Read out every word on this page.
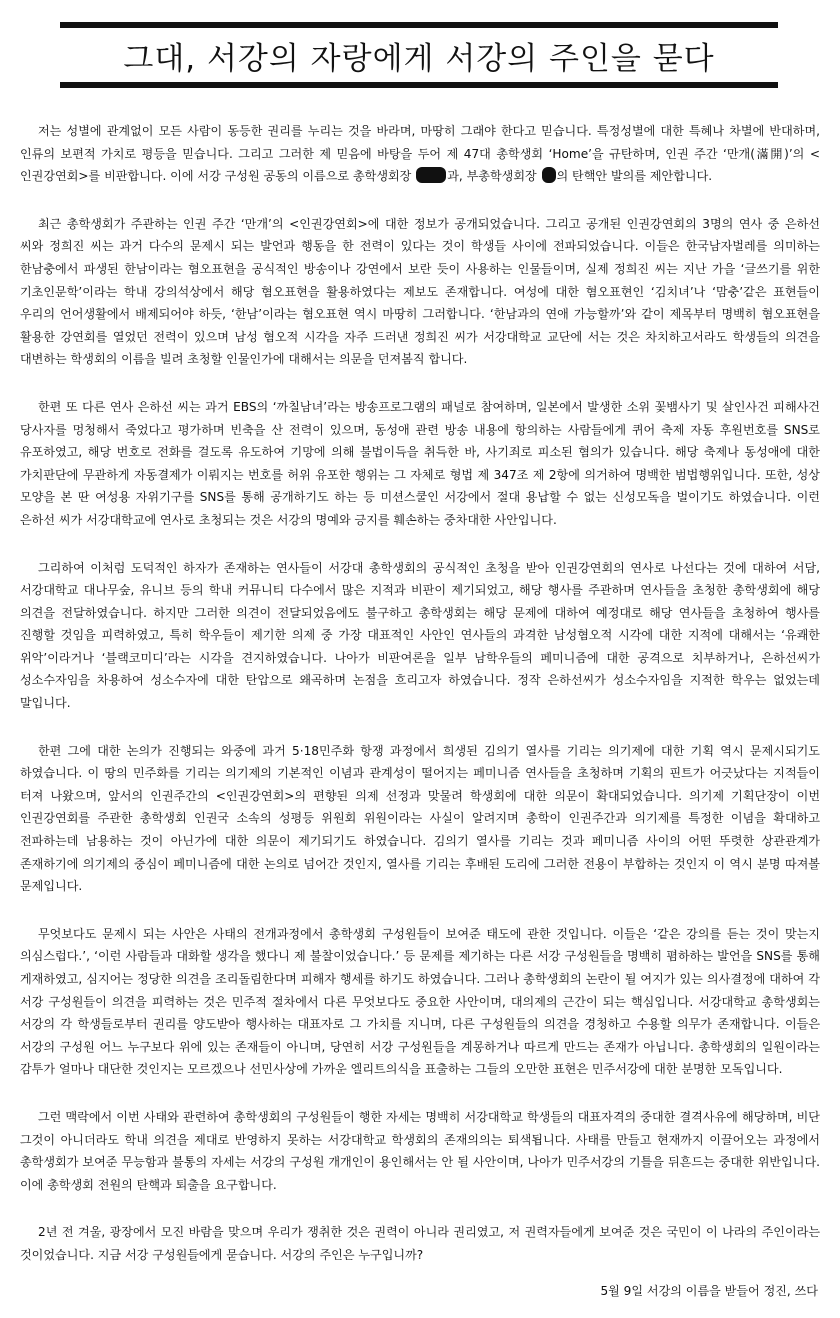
그대, 서강의 자랑에게 서강의 주인을 묻다

저는 성별에 관계없이 모든 사람이 동등한 권리를 누리는 것을 바라며, 마땅히 그래야 한다고 믿습니다. 특정성별에 대한 특혜나 차별에 반대하며, 인류의 보편적 가치로 평등을 믿습니다. 그리고 그러한 제 믿음에 바탕을 두어 제 47대 총학생회 ‘Home’을 규탄하며, 인권 주간 ‘만개(滿開)’의 <인권강연회>를 비판합니다. 이에 서강 구성원 공동의 이름으로 총학생회장	과, 부총학생회장 의 탄핵안 발의를 제안합니다.

최근 총학생회가 주관하는 인권 주간 ‘만개’의 <인권강연회>에 대한 정보가 공개되었습니다. 그리고 공개된 인권강연회의 3명의 연사 중 은하선 씨와 정희진 씨는 과거 다수의 문제시 되는 발언과 행동을 한 전력이 있다는 것이 학생들 사이에 전파되었습니다. 이들은 한국남자벌레를 의미하는 한남충에서 파생된 한남이라는 혐오표현을 공식적인 방송이나 강연에서 보란 듯이 사용하는 인물들이며, 실제 정희진 씨는 지난 가을 ‘글쓰기를 위한 기초인문학’이라는 학내 강의석상에서 해당 혐오표현을 활용하였다는 제보도 존재합니다. 여성에 대한 혐오표현인 ‘김치녀’나 ‘맘충’같은 표현들이 우리의 언어생활에서 배제되어야 하듯, ‘한남’이라는 혐오표현 역시 마땅히 그러합니다. ‘한남과의 연애 가능할까’와 같이 제목부터 명백히 혐오표현을 활용한 강연회를 열었던 전력이 있으며 남성 혐오적 시각을 자주 드러낸 정희진 씨가 서강대학교 교단에 서는 것은 차치하고서라도 학생들의 의견을 대변하는 학생회의 이름을 빌려 초청할 인물인가에 대해서는 의문을 던져봄직 합니다.

한편 또 다른 연사 은하선 씨는 과거 EBS의 ‘까칠남녀’라는 방송프로그램의 패널로 참여하며, 일본에서 발생한 소위 꽃뱀사기 및 살인사건 피해사건 당사자를 멍청해서 죽었다고 평가하며 빈축을 산 전력이 있으며, 동성애 관련 방송 내용에 항의하는 사람들에게 퀴어 축제 자동 후원번호를 SNS로 유포하였고, 해당 번호로 전화를 걸도록 유도하여 기망에 의해 불법이득을 취득한 바, 사기죄로 피소된 혐의가 있습니다. 해당 축제나 동성애에 대한 가치판단에 무관하게 자동결제가 이뤄지는 번호를 허위 유포한 행위는 그 자체로 형법 제 347조 제 2항에 의거하여 명백한 범법행위입니다. 또한, 성상 모양을 본 딴 여성용 자위기구를 SNS를 통해 공개하기도 하는 등 미션스쿨인 서강에서 절대 용납할 수 없는 신성모독을 벌이기도 하였습니다. 이런 은하선 씨가 서강대학교에 연사로 초청되는 것은 서강의 명예와 긍지를 훼손하는 중차대한 사안입니다.

그리하여 이처럼 도덕적인 하자가 존재하는 연사들이 서강대 총학생회의 공식적인 초청을 받아 인권강연회의 연사로 나선다는 것에 대하여 서담, 서강대학교 대나무숲, 유니브 등의 학내 커뮤니티 다수에서 많은 지적과 비판이 제기되었고, 해당 행사를 주관하며 연사들을 초청한 총학생회에 해당 의견을 전달하였습니다. 하지만 그러한 의견이 전달되었음에도 불구하고 총학생회는 해당 문제에 대하여 예정대로 해당 연사들을 초청하여 행사를 진행할 것임을 피력하였고, 특히 학우들이 제기한 의제 중 가장 대표적인 사안인 연사들의 과격한 남성혐오적 시각에 대한 지적에 대해서는 ‘유쾌한 위악’이라거나 ‘블랙코미디’라는 시각을 견지하였습니다. 나아가 비판여론을 일부 남학우들의 페미니즘에 대한 공격으로 치부하거나, 은하선씨가 성소수자임을 차용하여 성소수자에 대한 탄압으로 왜곡하며 논점을 흐리고자 하였습니다. 정작 은하선씨가 성소수자임을 지적한 학우는 없었는데 말입니다.

한편 그에 대한 논의가 진행되는 와중에 과거 5·18민주화 항쟁 과정에서 희생된 김의기 열사를 기리는 의기제에 대한 기획 역시 문제시되기도 하였습니다. 이 땅의 민주화를 기리는 의기제의 기본적인 이념과 관계성이 떨어지는 페미니즘 연사들을 초청하며 기획의 핀트가 어긋났다는 지적들이 터져 나왔으며, 앞서의 인권주간의 <인권강연회>의 편향된 의제 선정과 맞물려 학생회에 대한 의문이 확대되었습니다. 의기제 기획단장이 이번 인권강연회를 주관한 총학생회 인권국 소속의 성평등 위원회 위원이라는 사실이 알려지며 총학이 인권주간과 의기제를 특정한 이념을 확대하고 전파하는데 남용하는 것이 아닌가에 대한 의문이 제기되기도 하였습니다. 김의기 열사를 기리는 것과 페미니즘 사이의 어떤 뚜렷한 상관관계가 존재하기에 의기제의 중심이 페미니즘에 대한 논의로 넘어간 것인지, 열사를 기리는 후배된 도리에 그러한 전용이 부합하는 것인지 이 역시 분명 따져볼 문제입니다.

무엇보다도 문제시 되는 사안은 사태의 전개과정에서 총학생회 구성원들이 보여준 태도에 관한 것입니다. 이들은 ‘같은 강의를 듣는 것이 맞는지 의심스럽다.’, ‘이런 사람들과 대화할 생각을 했다니 제 불찰이었습니다.’ 등 문제를 제기하는 다른 서강 구성원들을 명백히 폄하하는 발언을 SNS를 통해 게재하였고, 심지어는 정당한 의견을 조리돌림한다며 피해자 행세를 하기도 하였습니다. 그러나 총학생회의 논란이 될 여지가 있는 의사결정에 대하여 각 서강 구성원들이 의견을 피력하는 것은 민주적 절차에서 다른 무엇보다도 중요한 사안이며, 대의제의 근간이 되는 핵심입니다. 서강대학교 총학생회는 서강의 각 학생들로부터 권리를 양도받아 행사하는 대표자로 그 가치를 지니며, 다른 구성원들의 의견을 경청하고 수용할 의무가 존재합니다. 이들은 서강의 구성원 어느 누구보다 위에 있는 존재들이 아니며, 당연히 서강 구성원들을 계몽하거나 따르게 만드는 존재가 아닙니다. 총학생회의 일원이라는 감투가 얼마나 대단한 것인지는 모르겠으나 선민사상에 가까운 엘리트의식을 표출하는 그들의 오만한 표현은 민주서강에 대한 분명한 모독입니다.

그런 맥락에서 이번 사태와 관련하여 총학생회의 구성원들이 행한 자세는 명백히 서강대학교 학생들의 대표자격의 중대한 결격사유에 해당하며, 비단 그것이 아니더라도 학내 의견을 제대로 반영하지 못하는 서강대학교 학생회의 존재의의는 퇴색됩니다. 사태를 만들고 현재까지 이끌어오는 과정에서 총학생회가 보여준 무능함과 불통의 자세는 서강의 구성원 개개인이 용인해서는 안 될 사안이며, 나아가 민주서강의 기틀을 뒤흔드는 중대한 위반입니다. 이에 총학생회 전원의 탄핵과 퇴출을 요구합니다.

2년 전 겨울, 광장에서 모진 바람을 맞으며 우리가 쟁취한 것은 권력이 아니라 권리였고, 저 권력자들에게 보여준 것은 국민이 이 나라의 주인이라는 것이었습니다. 지금 서강 구성원들에게 묻습니다. 서강의 주인은 누구입니까?

5월 9일 서강의 이름을 받들어 정진, 쓰다
